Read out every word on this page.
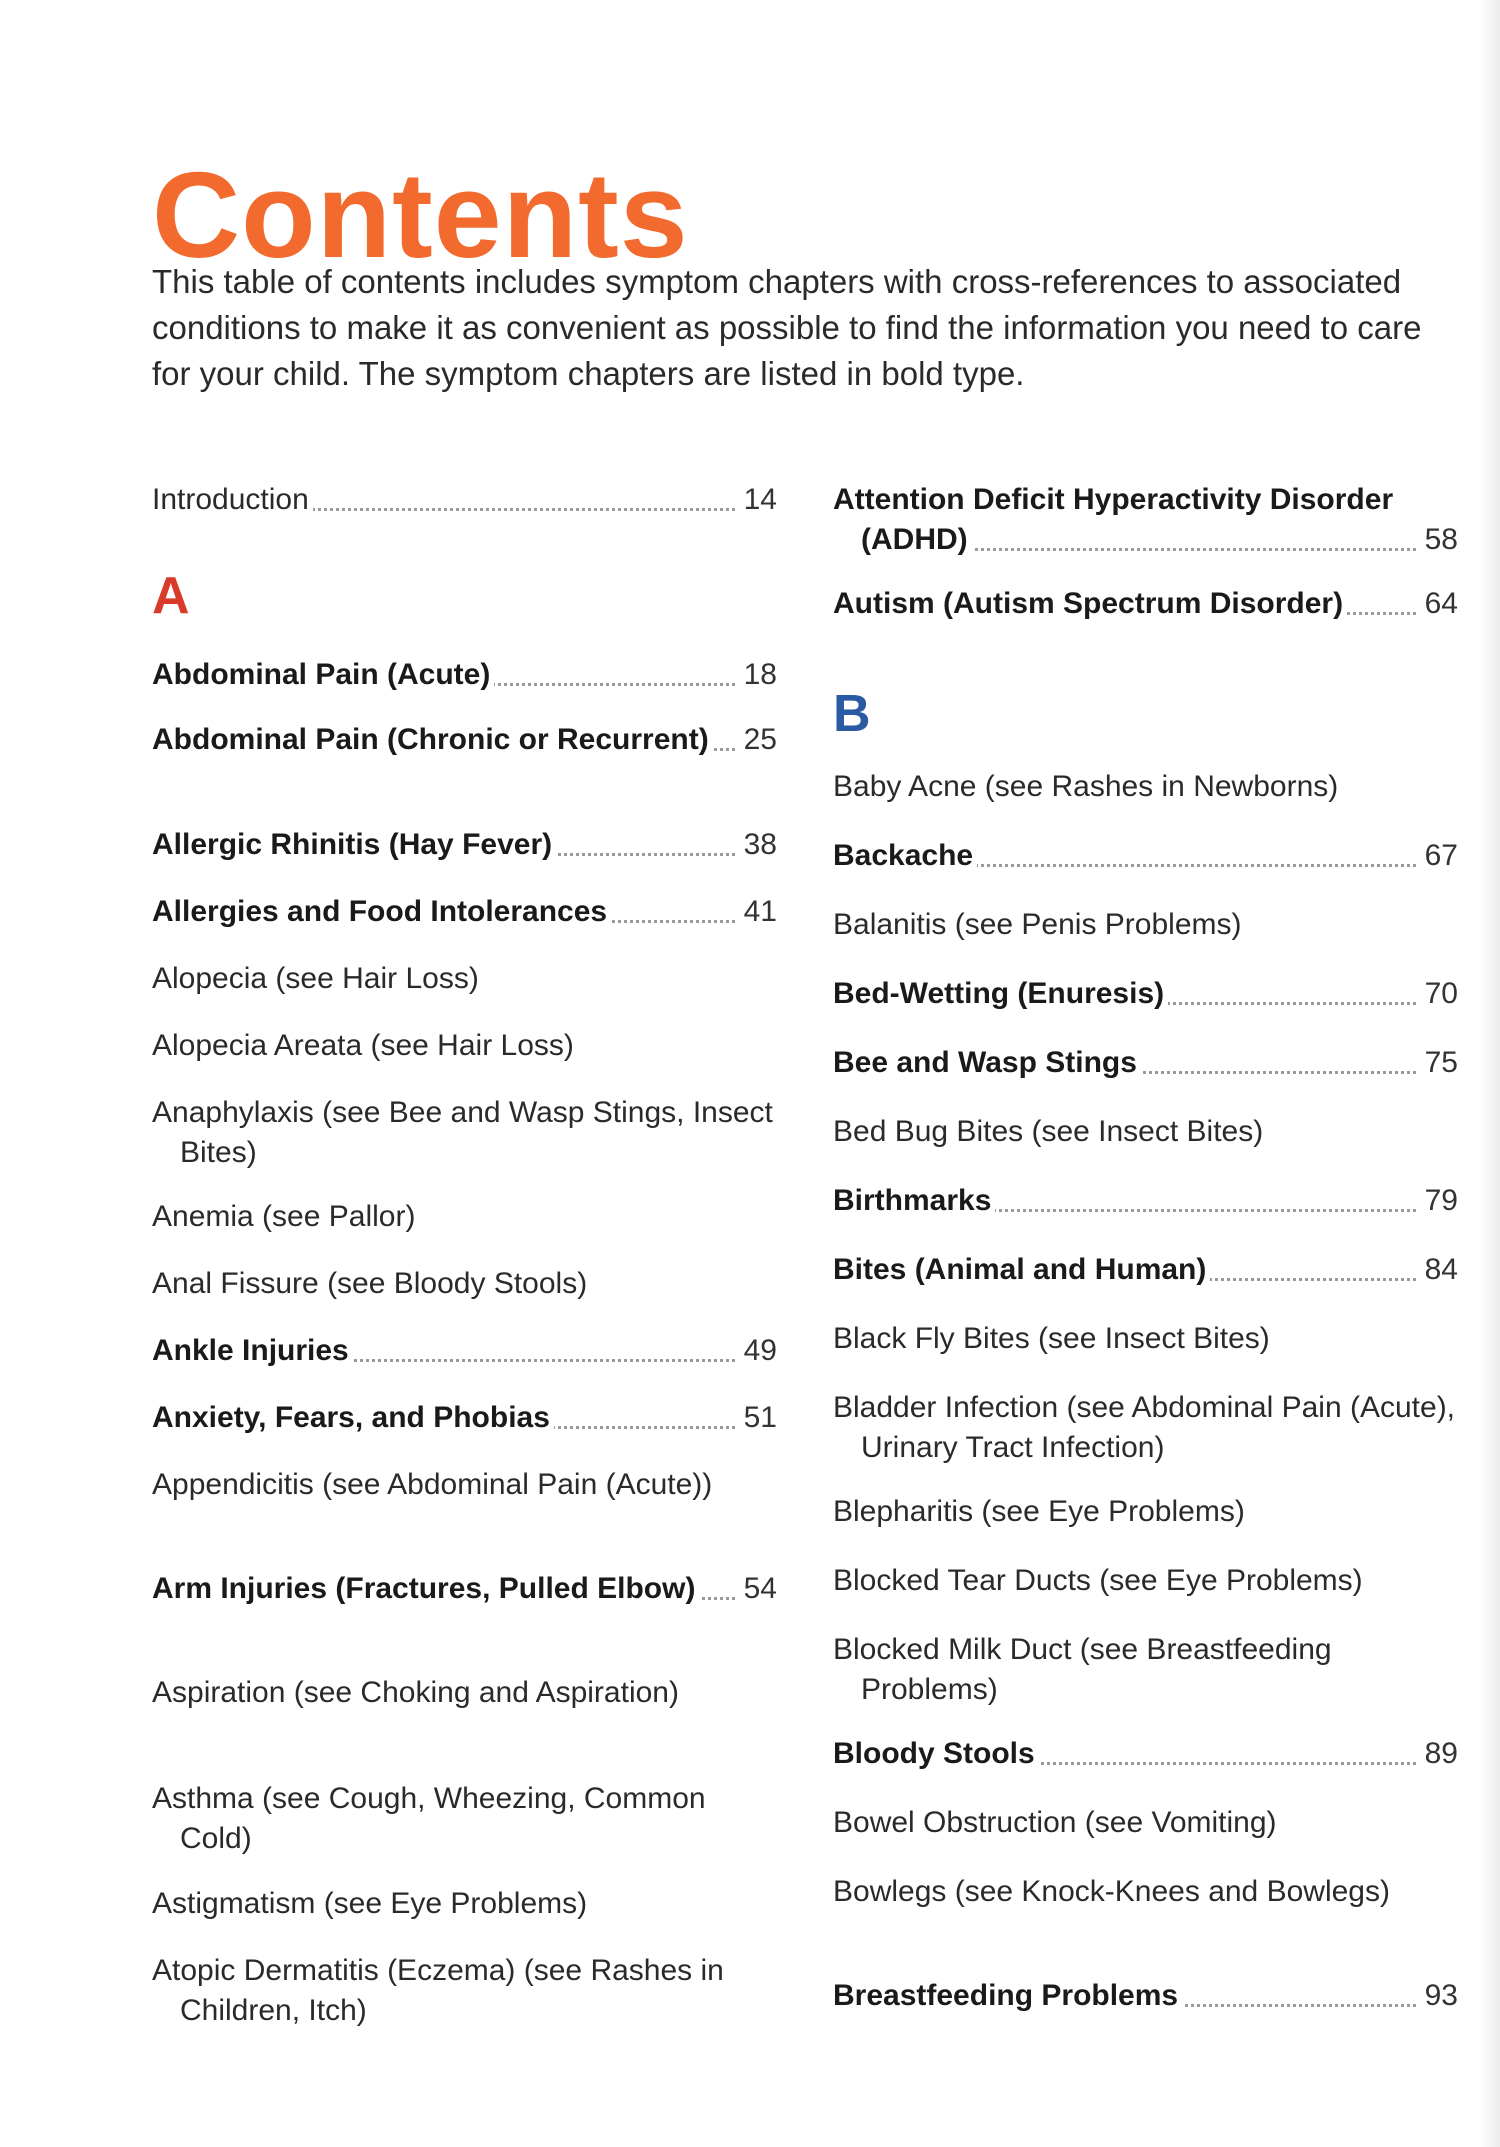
Contents

This table of contents includes symptom chapters with cross-references to associated conditions to make it as convenient as possible to find the information you need to care for your child. The symptom chapters are listed in bold type.

Introduction	14
A
Abdominal Pain (Acute)	18
Abdominal Pain (Chronic or Recurrent) 25
Allergic Rhinitis (Hay Fever)	38
Allergies and Food Intolerances	41
Alopecia (see Hair Loss)
Alopecia Areata (see Hair Loss)
Anaphylaxis (see Bee and Wasp Stings, Insect Bites)
Anemia (see Pallor)
Anal Fissure (see Bloody Stools)
Ankle Injuries	49
Anxiety, Fears, and Phobias	51
Appendicitis (see Abdominal Pain (Acute))
Arm Injuries (Fractures, Pulled Elbow) 54
Aspiration (see Choking and Aspiration)
Asthma (see Cough, Wheezing, Common Cold)
Astigmatism (see Eye Problems)
Atopic Dermatitis (Eczema) (see Rashes in Children, Itch)
Attention Deficit Hyperactivity Disorder (ADHD)	58
Autism (Autism Spectrum Disorder)	64
B
Baby Acne (see Rashes in Newborns)
Backache	67
Balanitis (see Penis Problems)
Bed-Wetting (Enuresis)	70
Bee and Wasp Stings	75
Bed Bug Bites (see Insect Bites)
Birthmarks	79
Bites (Animal and Human)	84
Black Fly Bites (see Insect Bites)
Bladder Infection (see Abdominal Pain (Acute), Urinary Tract Infection)
Blepharitis (see Eye Problems)
Blocked Tear Ducts (see Eye Problems)
Blocked Milk Duct (see Breastfeeding Problems)
Bloody Stools	89
Bowel Obstruction (see Vomiting)
Bowlegs (see Knock-Knees and Bowlegs)
Breastfeeding Problems	93
